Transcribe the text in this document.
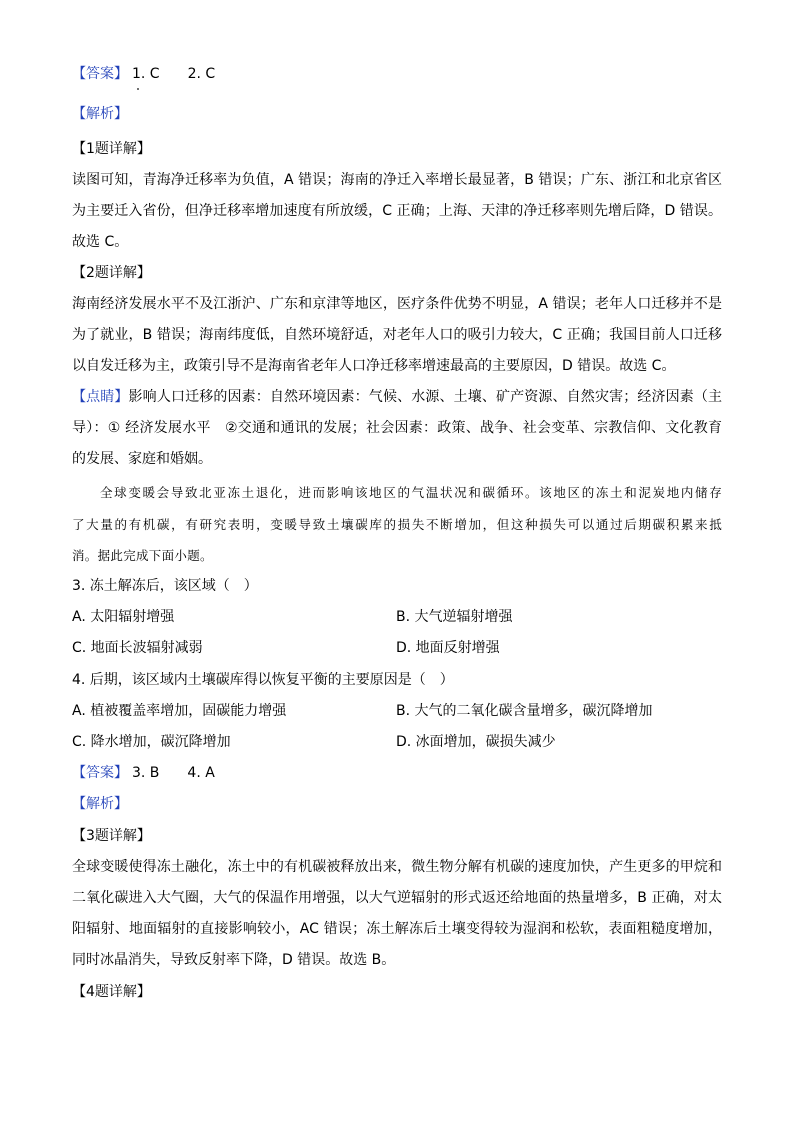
【答案】 1. C　　2. C
【解析】
【1题详解】
读图可知，青海净迁移率为负值，A 错误；海南的净迁入率增长最显著，B 错误；广东、浙江和北京省区
为主要迁入省份，但净迁移率增加速度有所放缓，C 正确；上海、天津的净迁移率则先增后降，D 错误。
故选 C。
【2题详解】
海南经济发展水平不及江浙沪、广东和京津等地区，医疗条件优势不明显，A 错误；老年人口迁移并不是
为了就业，B 错误；海南纬度低，自然环境舒适，对老年人口的吸引力较大，C 正确；我国目前人口迁移
以自发迁移为主，政策引导不是海南省老年人口净迁移率增速最高的主要原因，D 错误。故选 C。
【点睛】影响人口迁移的因素：自然环境因素：气候、水源、土壤、矿产资源、自然灾害；经济因素（主
导）：① 经济发展水平　②交通和通讯的发展；社会因素：政策、战争、社会变革、宗教信仰、文化教育
的发展、家庭和婚姻。
全球变暖会导致北亚冻土退化，进而影响该地区的气温状况和碳循环。该地区的冻土和泥炭地内储存
了大量的有机碳，有研究表明，变暖导致土壤碳库的损失不断增加，但这种损失可以通过后期碳积累来抵
消。据此完成下面小题。
3. 冻土解冻后，该区域（　）
A. 太阳辐射增强	B. 大气逆辐射增强
C. 地面长波辐射减弱	D. 地面反射增强
4. 后期，该区域内土壤碳库得以恢复平衡的主要原因是（　）
A. 植被覆盖率增加，固碳能力增强	B. 大气的二氧化碳含量增多，碳沉降增加
C. 降水增加，碳沉降增加	D. 冰面增加，碳损失减少
【答案】 3. B　　4. A
【解析】
【3题详解】
全球变暖使得冻土融化，冻土中的有机碳被释放出来，微生物分解有机碳的速度加快，产生更多的甲烷和
二氧化碳进入大气圈，大气的保温作用增强，以大气逆辐射的形式返还给地面的热量增多，B 正确，对太
阳辐射、地面辐射的直接影响较小，AC 错误；冻土解冻后土壤变得较为湿润和松软，表面粗糙度增加，
同时冰晶消失，导致反射率下降，D 错误。故选 B。
【4题详解】
